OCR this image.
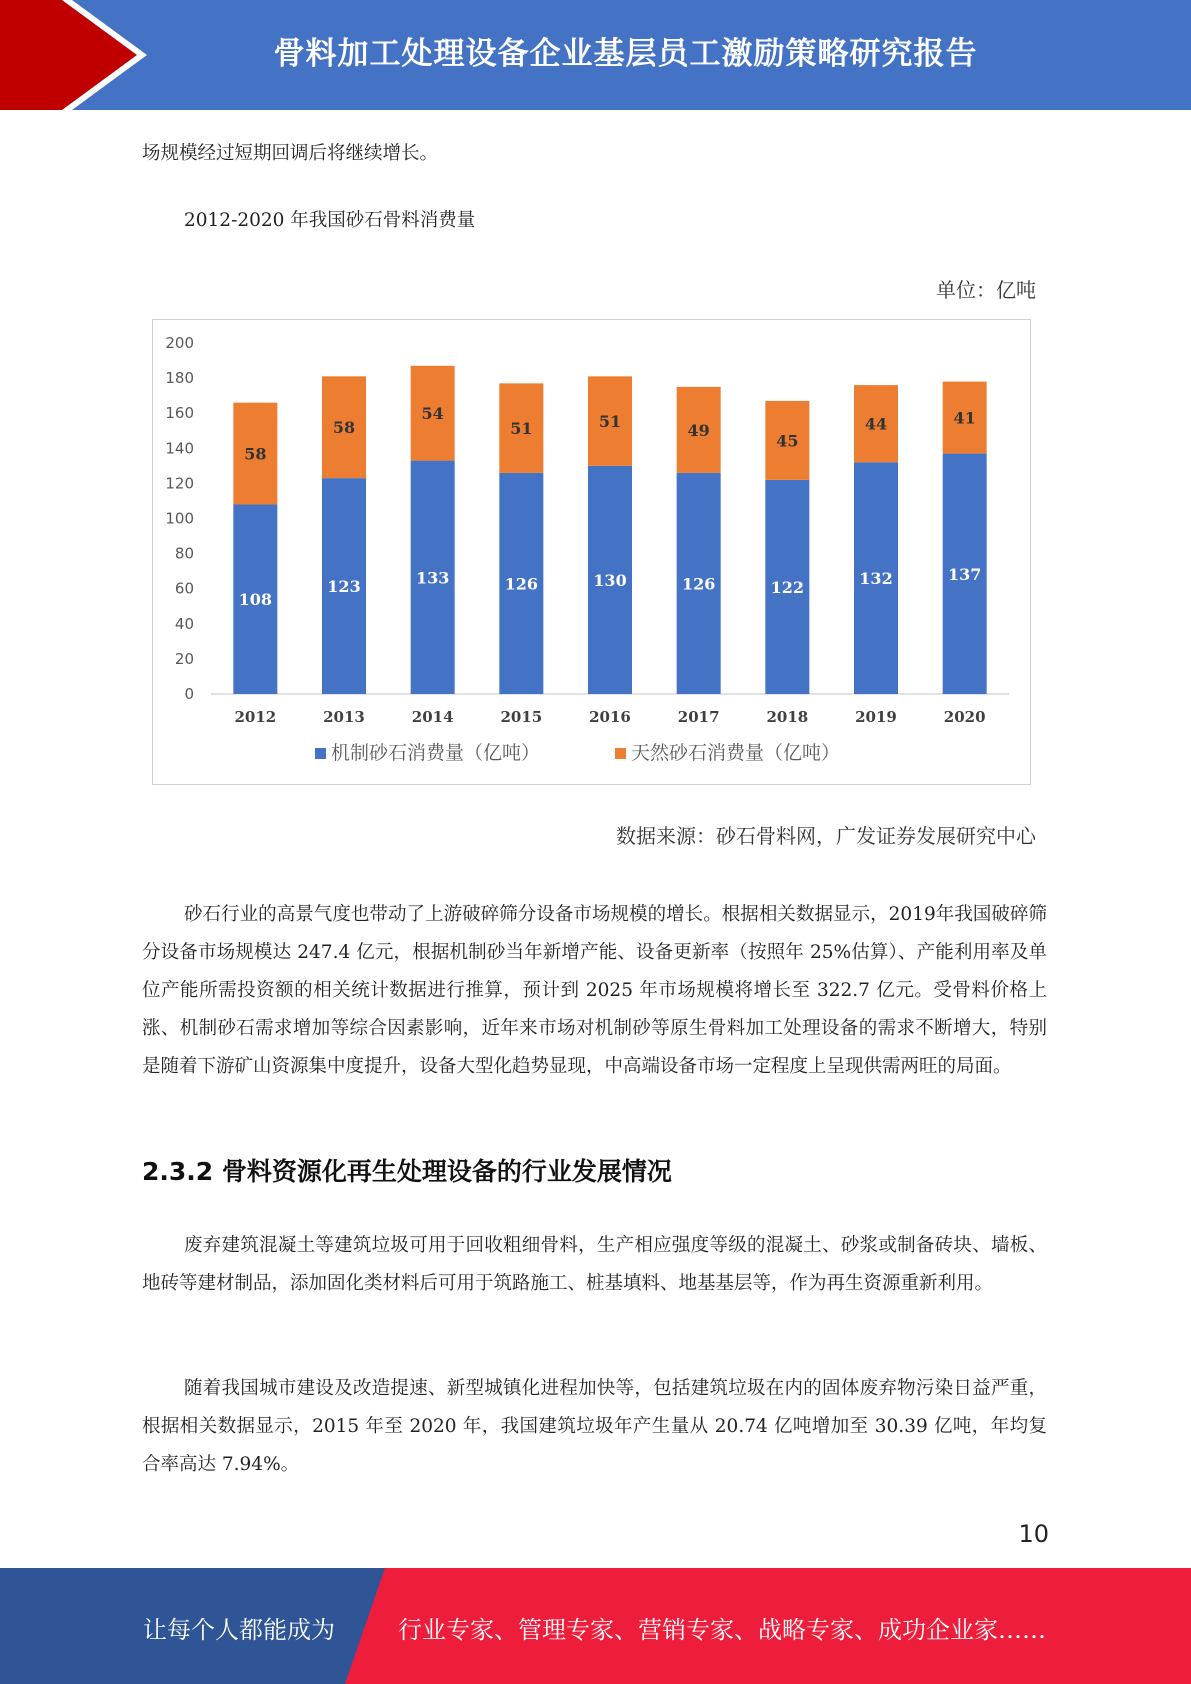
骨料加工处理设备企业基层员工激励策略研究报告
场规模经过短期回调后将继续增长。
2012-2020 年我国砂石骨料消费量
单位：亿吨
0
20
40
60
80
100
120
140
160
180
200
108
58
2012
123
58
2013
133
54
2014
126
51
2015
130
51
2016
126
49
2017
122
45
2018
132
44
2019
137
41
2020
机制砂石消费量（亿吨）	天然砂石消费量（亿吨）
数据来源：砂石骨料网，广发证券发展研究中心
砂石行业的高景气度也带动了上游破碎筛分设备市场规模的增长。根据相关数据显示，2019年我国破碎筛分设备市场规模达 247.4 亿元，根据机制砂当年新增产能、设备更新率（按照年 25%估算）、产能利用率及单位产能所需投资额的相关统计数据进行推算，预计到 2025 年市场规模将增长至 322.7 亿元。受骨料价格上涨、机制砂石需求增加等综合因素影响，近年来市场对机制砂等原生骨料加工处理设备的需求不断增大，特别是随着下游矿山资源集中度提升，设备大型化趋势显现，中高端设备市场一定程度上呈现供需两旺的局面。
2.3.2 骨料资源化再生处理设备的行业发展情况
废弃建筑混凝土等建筑垃圾可用于回收粗细骨料，生产相应强度等级的混凝土、砂浆或制备砖块、墙板、地砖等建材制品，添加固化类材料后可用于筑路施工、桩基填料、地基基层等，作为再生资源重新利用。
随着我国城市建设及改造提速、新型城镇化进程加快等，包括建筑垃圾在内的固体废弃物污染日益严重，根据相关数据显示，2015 年至 2020 年，我国建筑垃圾年产生量从 20.74 亿吨增加至 30.39 亿吨，年均复合率高达 7.94%。
10
让每个人都能成为	行业专家、管理专家、营销专家、战略专家、成功企业家……
